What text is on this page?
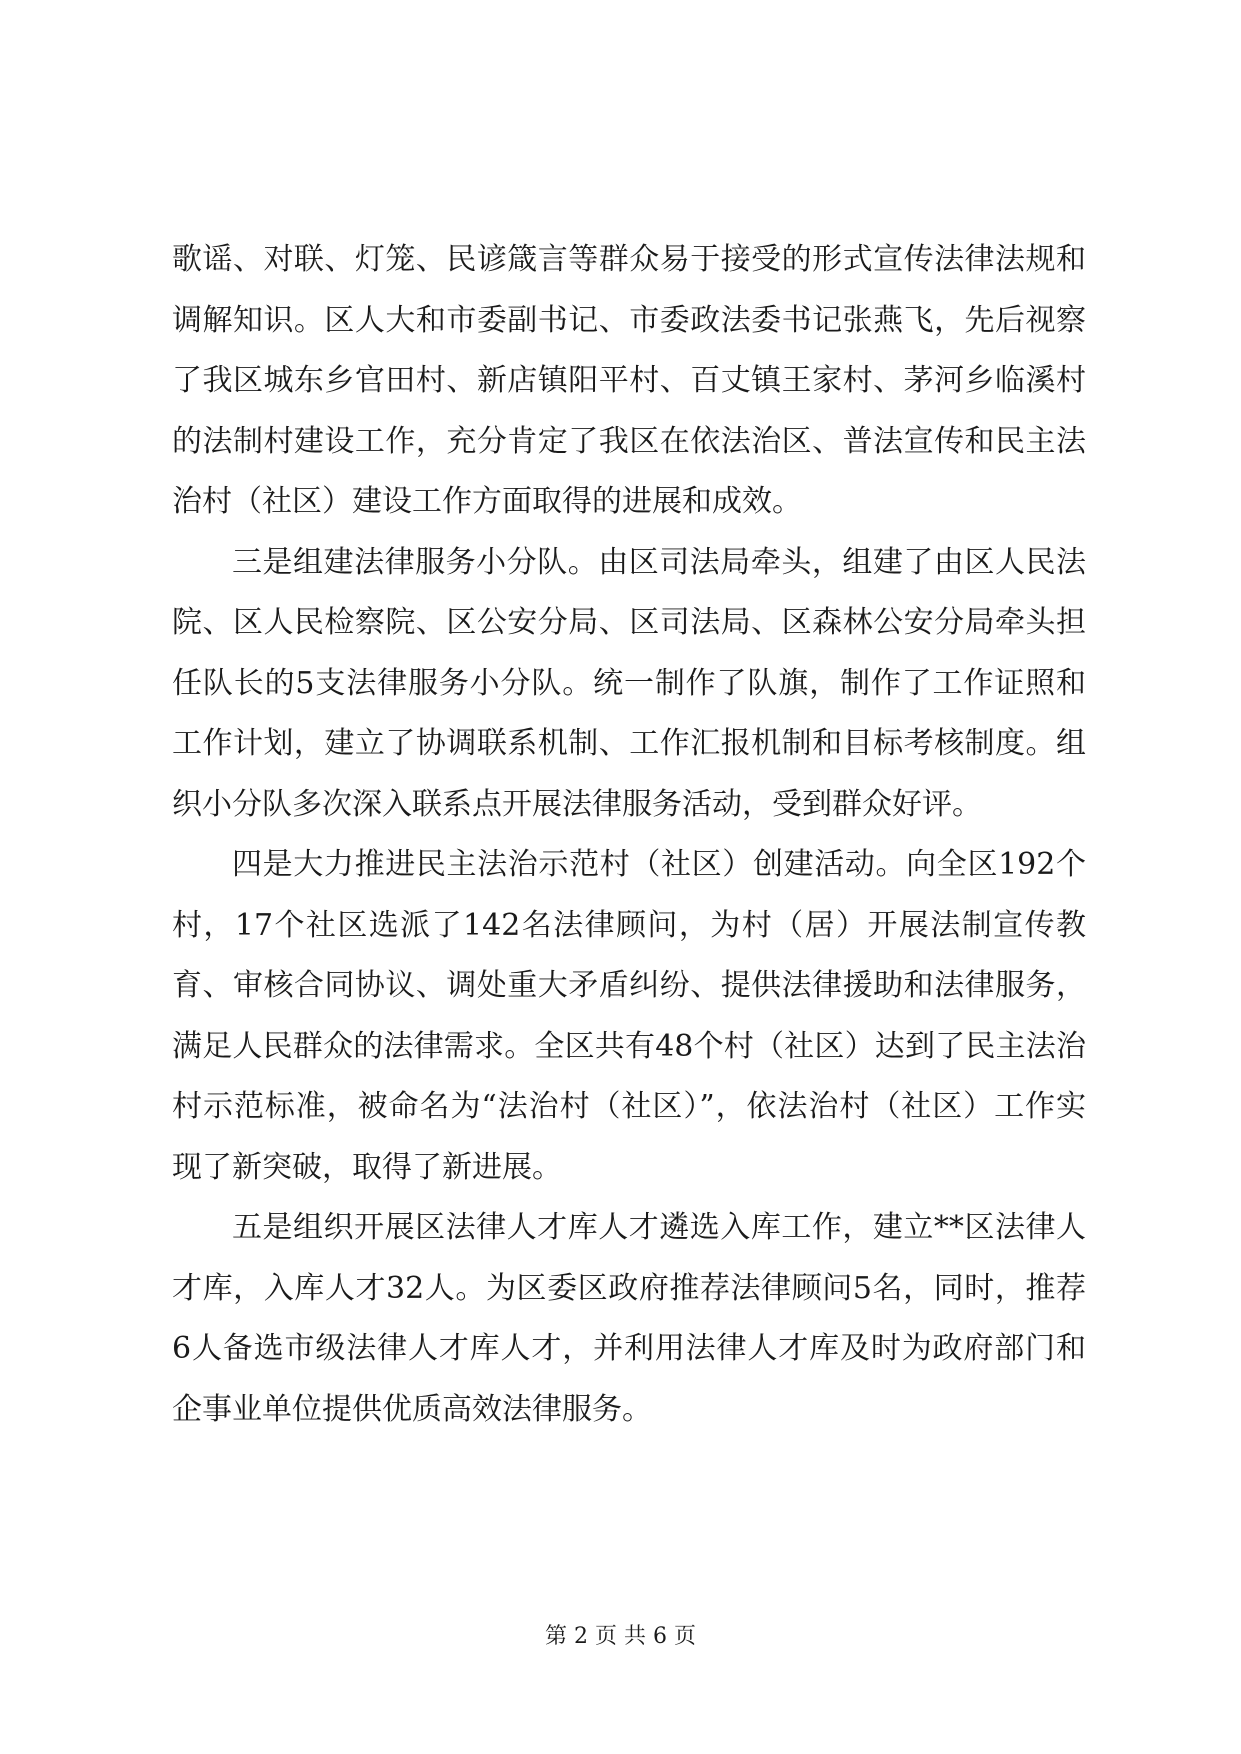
歌谣、对联、灯笼、民谚箴言等群众易于接受的形式宣传法律法规和调解知识。区人大和市委副书记、市委政法委书记张燕飞，先后视察了我区城东乡官田村、新店镇阳平村、百丈镇王家村、茅河乡临溪村的法制村建设工作，充分肯定了我区在依法治区、普法宣传和民主法治村（社区）建设工作方面取得的进展和成效。

三是组建法律服务小分队。由区司法局牵头，组建了由区人民法院、区人民检察院、区公安分局、区司法局、区森林公安分局牵头担任队长的5支法律服务小分队。统一制作了队旗，制作了工作证照和工作计划，建立了协调联系机制、工作汇报机制和目标考核制度。组织小分队多次深入联系点开展法律服务活动，受到群众好评。

四是大力推进民主法治示范村（社区）创建活动。向全区192个村，17个社区选派了142名法律顾问，为村（居）开展法制宣传教育、审核合同协议、调处重大矛盾纠纷、提供法律援助和法律服务，满足人民群众的法律需求。全区共有48个村（社区）达到了民主法治村示范标准，被命名为“法治村（社区）”，依法治村（社区）工作实现了新突破，取得了新进展。

五是组织开展区法律人才库人才遴选入库工作，建立**区法律人才库，入库人才32人。为区委区政府推荐法律顾问5名，同时，推荐6人备选市级法律人才库人才，并利用法律人才库及时为政府部门和企事业单位提供优质高效法律服务。

第 2 页 共 6 页
